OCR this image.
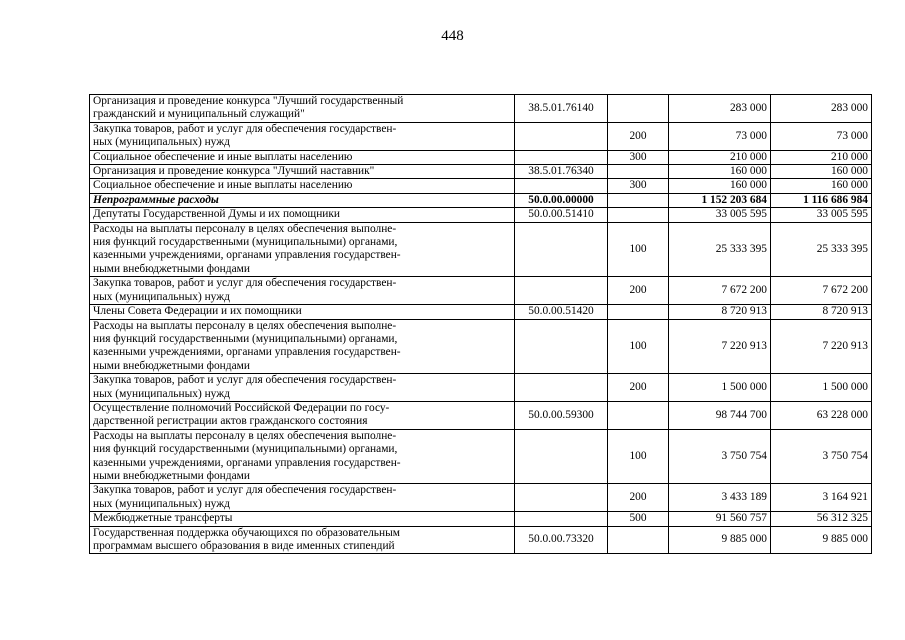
448
Организация и проведение конкурса "Лучший государственный
гражданский и муниципальный служащий"	38.5.01.76140		283 000	283 000
Закупка товаров, работ и услуг для обеспечения государствен-
ных (муниципальных) нужд		200	73 000	73 000
Социальное обеспечение и иные выплаты населению		300	210 000	210 000
Организация и проведение конкурса "Лучший наставник"	38.5.01.76340		160 000	160 000
Социальное обеспечение и иные выплаты населению		300	160 000	160 000
Непрограммные расходы	50.0.00.00000		1 152 203 684	1 116 686 984
Депутаты Государственной Думы и их помощники	50.0.00.51410		33 005 595	33 005 595
Расходы на выплаты персоналу в целях обеспечения выполне-
ния функций государственными (муниципальными) органами,
казенными учреждениями, органами управления государствен-
ными внебюджетными фондами		100	25 333 395	25 333 395
Закупка товаров, работ и услуг для обеспечения государствен-
ных (муниципальных) нужд		200	7 672 200	7 672 200
Члены Совета Федерации и их помощники	50.0.00.51420		8 720 913	8 720 913
Расходы на выплаты персоналу в целях обеспечения выполне-
ния функций государственными (муниципальными) органами,
казенными учреждениями, органами управления государствен-
ными внебюджетными фондами		100	7 220 913	7 220 913
Закупка товаров, работ и услуг для обеспечения государствен-
ных (муниципальных) нужд		200	1 500 000	1 500 000
Осуществление полномочий Российской Федерации по госу-
дарственной регистрации актов гражданского состояния	50.0.00.59300		98 744 700	63 228 000
Расходы на выплаты персоналу в целях обеспечения выполне-
ния функций государственными (муниципальными) органами,
казенными учреждениями, органами управления государствен-
ными внебюджетными фондами		100	3 750 754	3 750 754
Закупка товаров, работ и услуг для обеспечения государствен-
ных (муниципальных) нужд		200	3 433 189	3 164 921
Межбюджетные трансферты		500	91 560 757	56 312 325
Государственная поддержка обучающихся по образовательным
программам высшего образования в виде именных стипендий	50.0.00.73320		9 885 000	9 885 000
